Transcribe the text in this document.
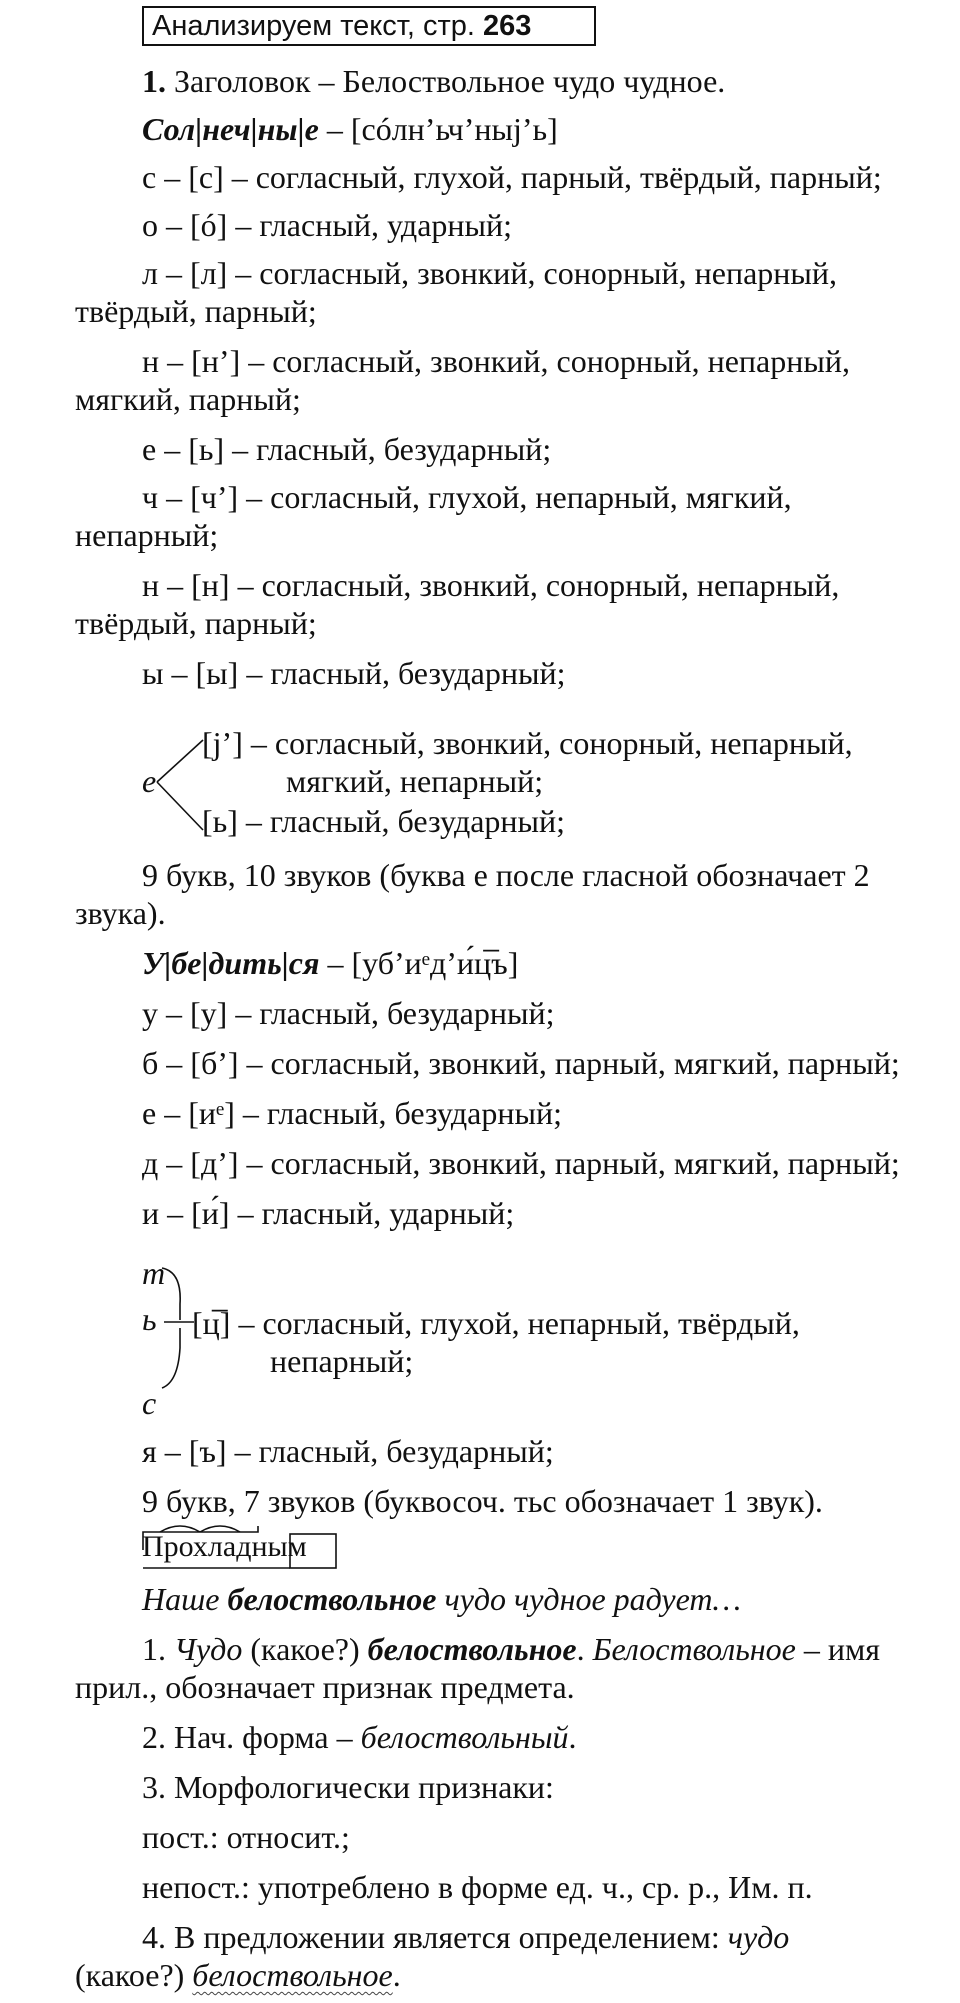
Анализируем текст, стр. 263
1. Заголовок – Белоствольное чудо чудное.
Сол|неч|ны|е – [сóлн’ьч’ныj’ь]
с – [с] – согласный, глухой, парный, твёрдый, парный;
о – [ó] – гласный, ударный;
л – [л] – согласный, звонкий, сонорный, непарный,
твёрдый, парный;
н – [н’] – согласный, звонкий, сонорный, непарный,
мягкий, парный;
е – [ь] – гласный, безударный;
ч – [ч’] – согласный, глухой, непарный, мягкий,
непарный;
н – [н] – согласный, звонкий, сонорный, непарный,
твёрдый, парный;
ы – [ы] – гласный, безударный;
е
[j’] – согласный, звонкий, сонорный, непарный,
мягкий, непарный;
[ь] – гласный, безударный;
9 букв, 10 звуков (буква е после гласной обозначает 2
звука).
У|бе|дить|ся – [уб’иᵉд’и́ц̅ъ]
у – [у] – гласный, безударный;
б – [б’] – согласный, звонкий, парный, мягкий, парный;
е – [иᵉ] – гласный, безударный;
д – [д’] – согласный, звонкий, парный, мягкий, парный;
и – [и́] – гласный, ударный;
т
ь
с
[ц̅] – согласный, глухой, непарный, твёрдый,
непарный;
я – [ъ] – гласный, безударный;
9 букв, 7 звуков (буквосоч. тьс обозначает 1 звук).
Прохладным
Наше белоствольное чудо чудное радует…
1. Чудо (какое?) белоствольное. Белоствольное – имя
прил., обозначает признак предмета.
2. Нач. форма – белоствольный.
3. Морфологически признаки:
пост.: относит.;
непост.: употреблено в форме ед. ч., ср. р., Им. п.
4. В предложении является определением: чудо
(какое?) белоствольное.
